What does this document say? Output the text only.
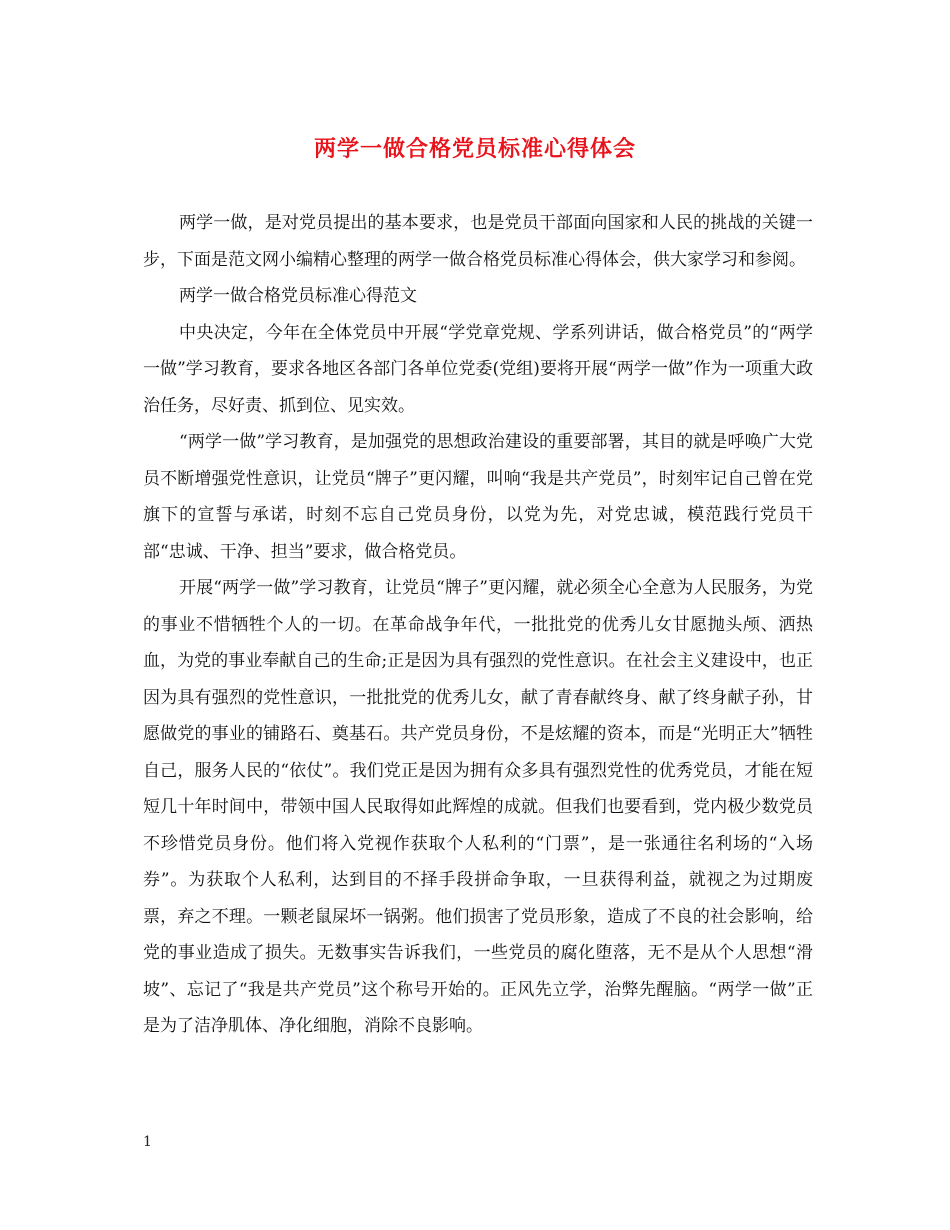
两学一做合格党员标准心得体会

两学一做，是对党员提出的基本要求，也是党员干部面向国家和人民的挑战的关键一步，下面是范文网小编精心整理的两学一做合格党员标准心得体会，供大家学习和参阅。

两学一做合格党员标准心得范文

中央决定，今年在全体党员中开展“学党章党规、学系列讲话，做合格党员”的“两学一做”学习教育，要求各地区各部门各单位党委(党组)要将开展“两学一做”作为一项重大政治任务，尽好责、抓到位、见实效。

“两学一做”学习教育，是加强党的思想政治建设的重要部署，其目的就是呼唤广大党员不断增强党性意识，让党员“牌子”更闪耀，叫响“我是共产党员”，时刻牢记自己曾在党旗下的宣誓与承诺，时刻不忘自己党员身份，以党为先，对党忠诚，模范践行党员干部“忠诚、干净、担当”要求，做合格党员。

开展“两学一做”学习教育，让党员“牌子”更闪耀，就必须全心全意为人民服务，为党的事业不惜牺牲个人的一切。在革命战争年代，一批批党的优秀儿女甘愿抛头颅、洒热血，为党的事业奉献自己的生命;正是因为具有强烈的党性意识。在社会主义建设中，也正因为具有强烈的党性意识，一批批党的优秀儿女，献了青春献终身、献了终身献子孙，甘愿做党的事业的铺路石、奠基石。共产党员身份，不是炫耀的资本，而是“光明正大”牺牲自己，服务人民的“依仗”。我们党正是因为拥有众多具有强烈党性的优秀党员，才能在短短几十年时间中，带领中国人民取得如此辉煌的成就。但我们也要看到，党内极少数党员不珍惜党员身份。他们将入党视作获取个人私利的“门票”，是一张通往名利场的“入场券”。为获取个人私利，达到目的不择手段拼命争取，一旦获得利益，就视之为过期废票，弃之不理。一颗老鼠屎坏一锅粥。他们损害了党员形象，造成了不良的社会影响，给党的事业造成了损失。无数事实告诉我们，一些党员的腐化堕落，无不是从个人思想“滑坡”、忘记了“我是共产党员”这个称号开始的。正风先立学，治弊先醒脑。“两学一做”正是为了洁净肌体、净化细胞，消除不良影响。

1
